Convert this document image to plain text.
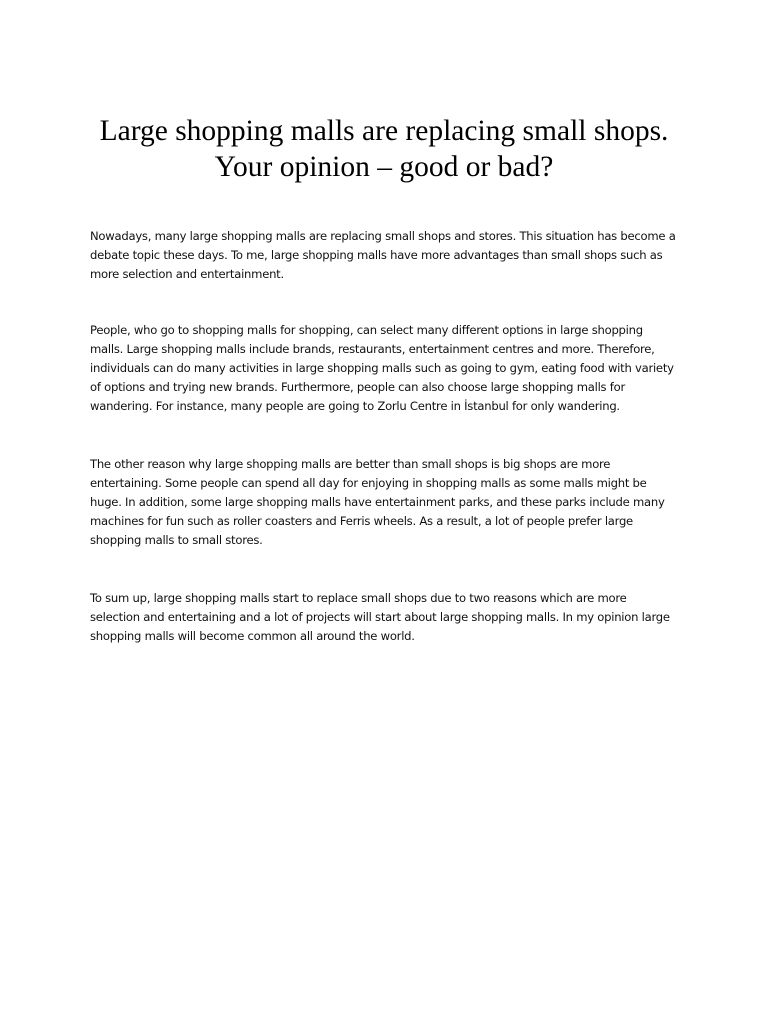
Large shopping malls are replacing small shops.
Your opinion – good or bad?

Nowadays, many large shopping malls are replacing small shops and stores. This situation has become a
debate topic these days. To me, large shopping malls have more advantages than small shops such as
more selection and entertainment.

People, who go to shopping malls for shopping, can select many different options in large shopping
malls. Large shopping malls include brands, restaurants, entertainment centres and more. Therefore,
individuals can do many activities in large shopping malls such as going to gym, eating food with variety
of options and trying new brands. Furthermore, people can also choose large shopping malls for
wandering. For instance, many people are going to Zorlu Centre in İstanbul for only wandering.

The other reason why large shopping malls are better than small shops is big shops are more
entertaining. Some people can spend all day for enjoying in shopping malls as some malls might be
huge. In addition, some large shopping malls have entertainment parks, and these parks include many
machines for fun such as roller coasters and Ferris wheels. As a result, a lot of people prefer large
shopping malls to small stores.

To sum up, large shopping malls start to replace small shops due to two reasons which are more
selection and entertaining and a lot of projects will start about large shopping malls. In my opinion large
shopping malls will become common all around the world.
